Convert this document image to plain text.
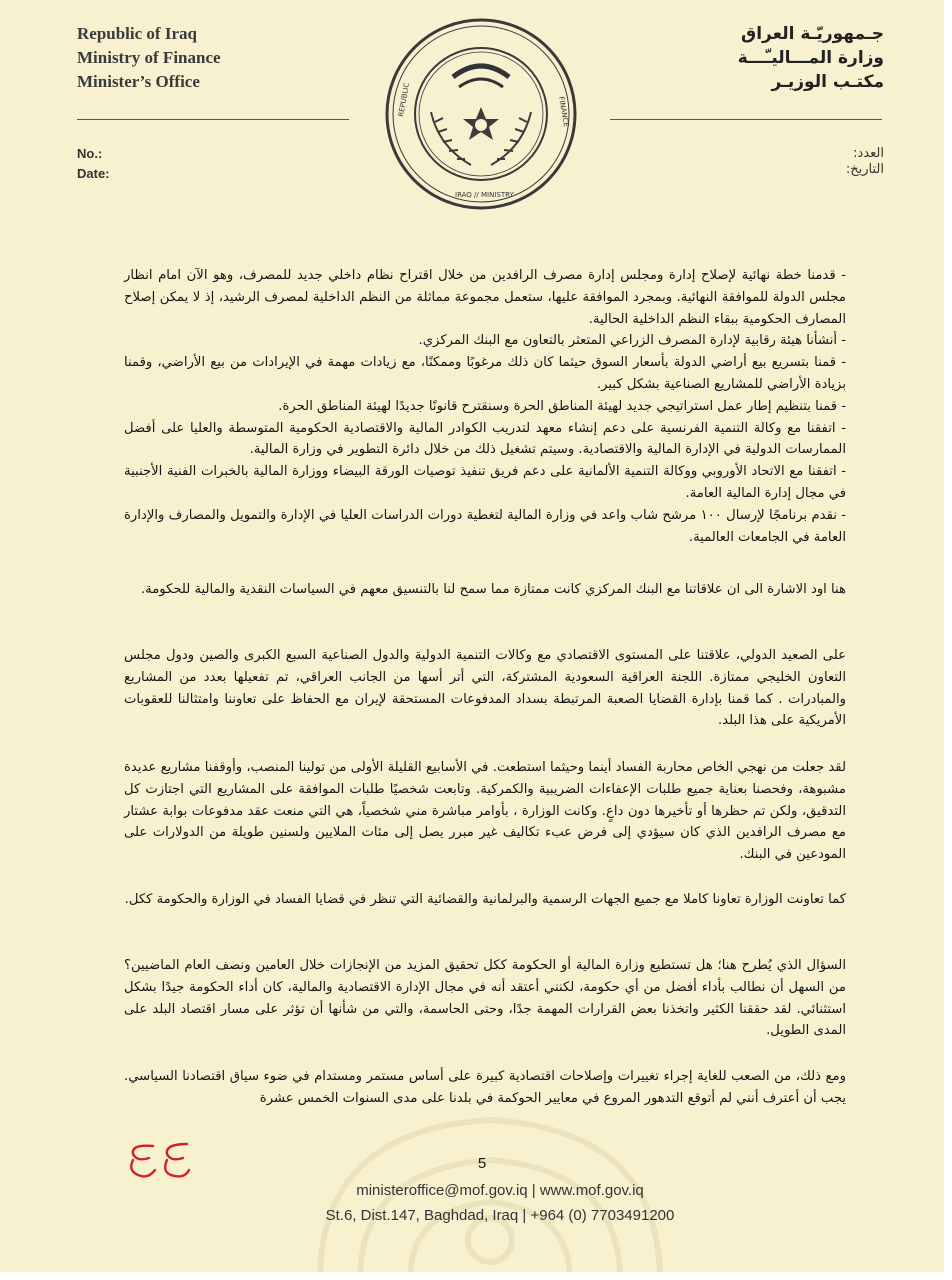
Republic of Iraq
Ministry of Finance
Minister’s Office
جـمهوريّـة العراق
وزارة المـــاليـّـــة
مكتـب الوزيـر
REPUBLIC	FINANCE
IRAQ // MINISTRY
No.:
Date:
العدد:
التاريخ:

- قدمنا خطة نهائية لإصلاح إدارة ومجلس إدارة مصرف الرافدين من خلال اقتراح نظام داخلي جديد للمصرف، وهو الآن امام انظار مجلس الدولة للموافقة النهائية. وبمجرد الموافقة عليها، ستعمل مجموعة مماثلة من النظم الداخلية لمصرف الرشيد، إذ لا يمكن إصلاح المصارف الحكومية ببقاء النظم الداخلية الحالية.

- أنشأنا هيئة رقابية لإدارة المصرف الزراعي المتعثر بالتعاون مع البنك المركزي.

- قمنا بتسريع بيع أراضي الدولة بأسعار السوق حيثما كان ذلك مرغوبًا وممكنًا، مع زيادات مهمة في الإيرادات من بيع الأراضي، وقمنا بزيادة الأراضي للمشاريع الصناعية بشكل كبير.

- قمنا بتنظيم إطار عمل استراتيجي جديد لهيئة المناطق الحرة وسنقترح قانونًا جديدًا لهيئة المناطق الحرة.

- اتفقنا مع وكالة التنمية الفرنسية على دعم إنشاء معهد لتدريب الكوادر المالية والاقتصادية الحكومية المتوسطة والعليا على أفضل الممارسات الدولية في الإدارة المالية والاقتصادية. وسيتم تشغيل ذلك من خلال دائرة التطوير في وزارة المالية.

- اتفقنا مع الاتحاد الأوروبي ووكالة التنمية الألمانية على دعم فريق تنفيذ توصيات الورقة البيضاء ووزارة المالية بالخبرات الفنية الأجنبية في مجال إدارة المالية العامة.

- نقدم برنامجًا لإرسال ١٠٠ مرشح شاب واعد في وزارة المالية لتغطية دورات الدراسات العليا في الإدارة والتمويل والمصارف والإدارة العامة في الجامعات العالمية.

هنا اود الاشارة الى ان علاقاتنا مع البنك المركزي كانت ممتازة مما سمح لنا بالتنسيق معهم في السياسات النقدية والمالية للحكومة.
على الصعيد الدولي، علاقتنا على المستوى الاقتصادي مع وكالات التنمية الدولية والدول الصناعية السبع الكبرى والصين ودول مجلس التعاون الخليجي ممتازة. اللجنة العراقية السعودية المشتركة، التي أتر أسها من الجانب العراقي، تم تفعيلها بعدد من المشاريع والمبادرات . كما قمنا بإدارة القضايا الصعبة المرتبطة بسداد المدفوعات المستحقة لإيران مع الحفاظ على تعاوننا وامتثالنا للعقوبات الأمريكية على هذا البلد.
لقد جعلت من نهجي الخاص محاربة الفساد أينما وحيثما استطعت. في الأسابيع القليلة الأولى من تولينا المنصب، وأوقفنا مشاريع عديدة مشبوهة، وفحصنا بعناية جميع طلبات الإعفاءات الضريبية والكمركية. وتابعت شخصيًا طلبات الموافقة على المشاريع التي اجتازت كل التدقيق، ولكن تم حظرها أو تأخيرها دون داعٍ. وكانت الوزارة ، بأوامر مباشرة مني شخصياً، هي التي منعت عقد مدفوعات بوابة عشتار مع مصرف الرافدين الذي كان سيؤدي إلى فرض عبء تكاليف غير مبرر يصل إلى مئات الملايين ولسنين طويلة من الدولارات على المودعين في البنك.
كما تعاونت الوزارة تعاونا كاملا مع جميع الجهات الرسمية والبرلمانية والقضائية التي تنظر في قضايا الفساد في الوزارة والحكومة ككل.
السؤال الذي يُطرح هنا؛ هل تستطيع وزارة المالية أو الحكومة ككل تحقيق المزيد من الإنجازات خلال العامين ونصف العام الماضيين؟ من السهل أن نطالب بأداء أفضل من أي حكومة، لكنني أعتقد أنه في مجال الإدارة الاقتصادية والمالية، كان أداء الحكومة جيدًا بشكل استثنائي. لقد حققنا الكثير واتخذنا بعض القرارات المهمة جدًا، وحتى الحاسمة، والتي من شأنها أن تؤثر على مسار اقتصاد البلد على المدى الطويل.
ومع ذلك، من الصعب للغاية إجراء تغييرات وإصلاحات اقتصادية كبيرة على أساس مستمر ومستدام في ضوء سياق اقتصادنا السياسي. يجب أن أعترف أنني لم أتوقع التدهور المروع في معايير الحوكمة في بلدنا على مدى السنوات الخمس عشرة
5
ministeroffice@mof.gov.iq | www.mof.gov.iq
St.6, Dist.147, Baghdad, Iraq | +964 (0) 7703491200
